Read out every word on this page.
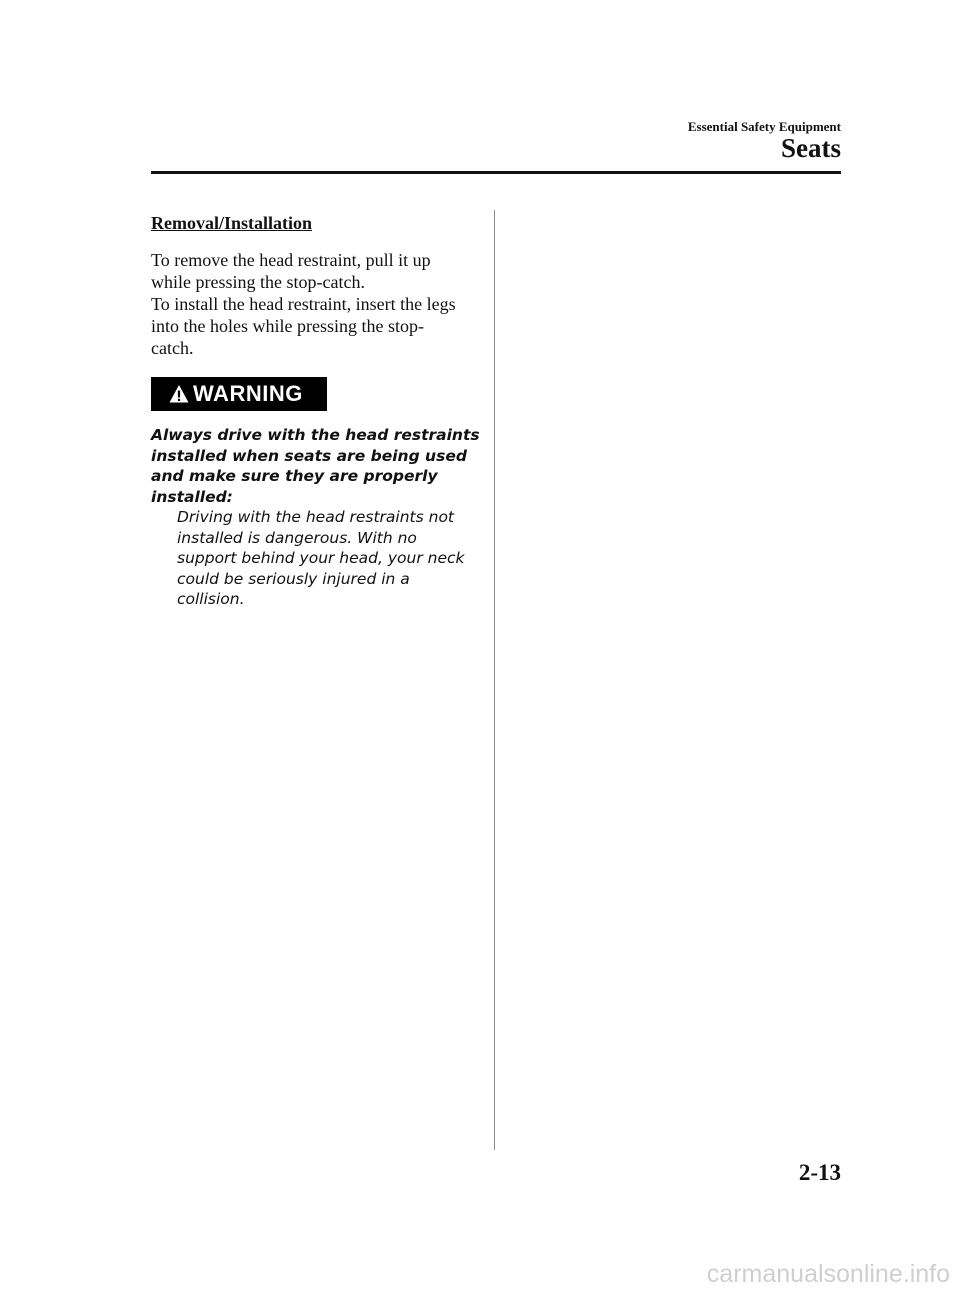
Essential Safety Equipment
Seats
Removal/Installation

To remove the head restraint, pull it up
while pressing the stop-catch.
To install the head restraint, insert the legs
into the holes while pressing the stop-
catch.

WARNING

Always drive with the head restraints
installed when seats are being used
and make sure they are properly
installed:

Driving with the head restraints not
installed is dangerous. With no
support behind your head, your neck
could be seriously injured in a
collision.

2-13
carmanualsonline.info
